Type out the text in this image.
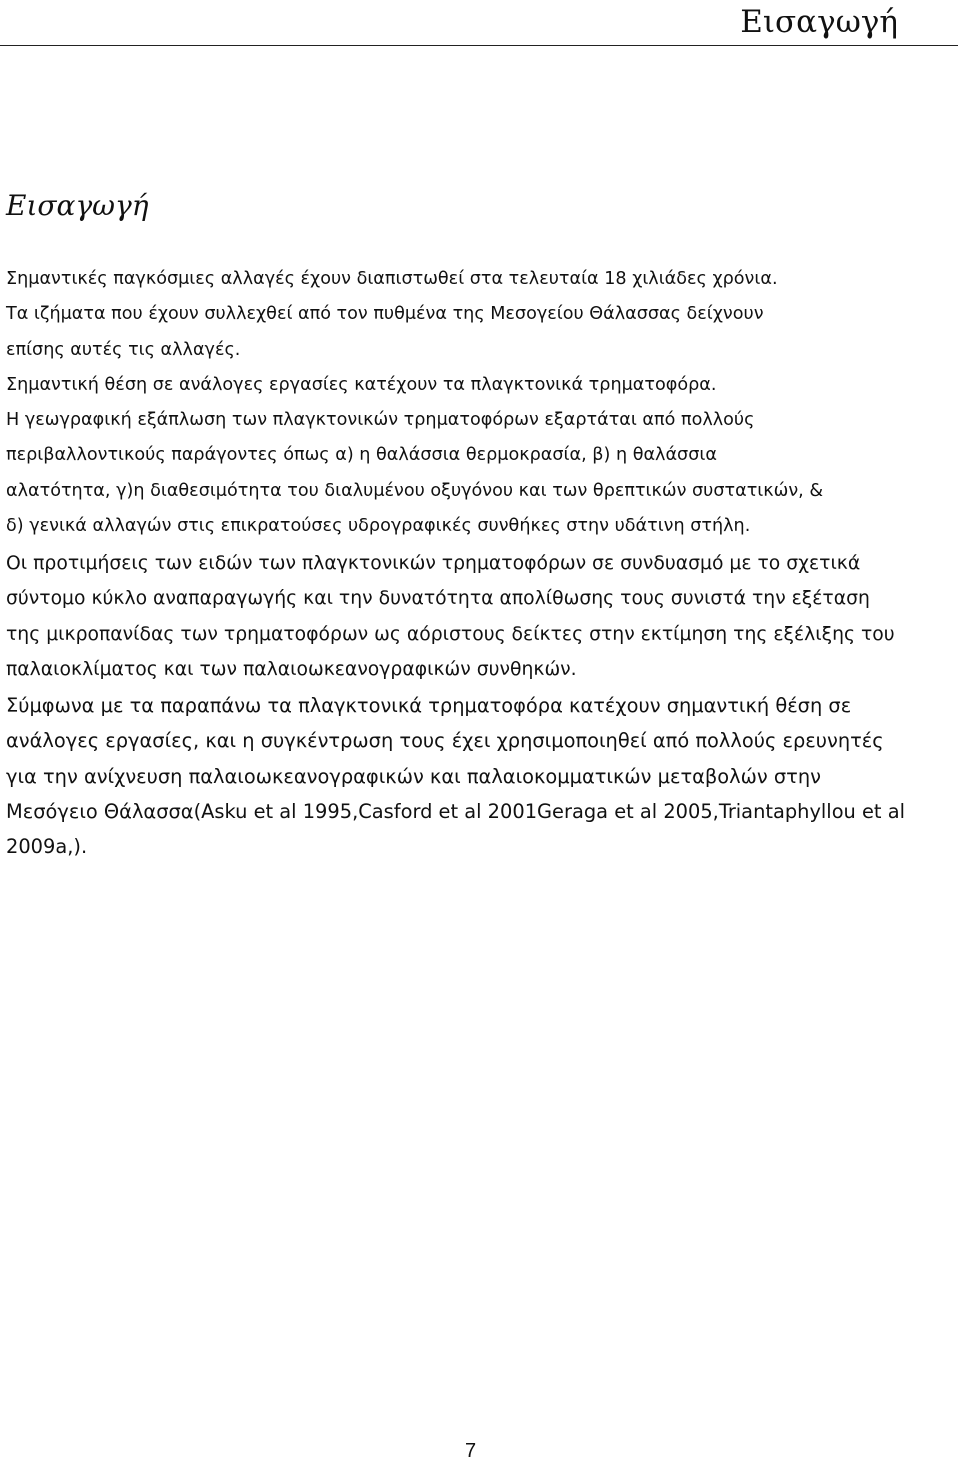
Εισαγωγή
Εισαγωγή
Σημαντικές παγκόσμιες αλλαγές έχουν διαπιστωθεί στα τελευταία 18 χιλιάδες χρόνια.
Τα ιζήματα που έχουν συλλεχθεί από τον πυθμένα της Μεσογείου Θάλασσας δείχνουν
επίσης αυτές τις αλλαγές.
Σημαντική θέση σε ανάλογες εργασίες κατέχουν τα πλαγκτονικά τρηματοφόρα.
Η γεωγραφική εξάπλωση των πλαγκτονικών τρηματοφόρων εξαρτάται από πολλούς
περιβαλλοντικούς παράγοντες όπως α) η θαλάσσια θερμοκρασία, β) η θαλάσσια
αλατότητα, γ)η διαθεσιμότητα του διαλυμένου οξυγόνου και των θρεπτικών συστατικών, &
δ) γενικά αλλαγών στις επικρατούσες υδρογραφικές συνθήκες στην υδάτινη στήλη.
Οι προτιμήσεις των ειδών των πλαγκτονικών τρηματοφόρων σε συνδυασμό με το σχετικά
σύντομο κύκλο αναπαραγωγής και την δυνατότητα απολίθωσης τους συνιστά την εξέταση
της μικροπανίδας των τρηματοφόρων ως αόριστους δείκτες στην εκτίμηση της εξέλιξης του
παλαιοκλίματος και των παλαιοωκεανογραφικών συνθηκών.
Σύμφωνα με τα παραπάνω τα πλαγκτονικά τρηματοφόρα κατέχουν σημαντική θέση σε
ανάλογες εργασίες, και η συγκέντρωση τους έχει χρησιμοποιηθεί από πολλούς ερευνητές
για την ανίχνευση παλαιοωκεανογραφικών και παλαιοκομματικών μεταβολών στην
Μεσόγειο Θάλασσα(Asku et al 1995,Casford et al 2001Geraga et al 2005,Triantaphyllou et al
2009a,).
7
